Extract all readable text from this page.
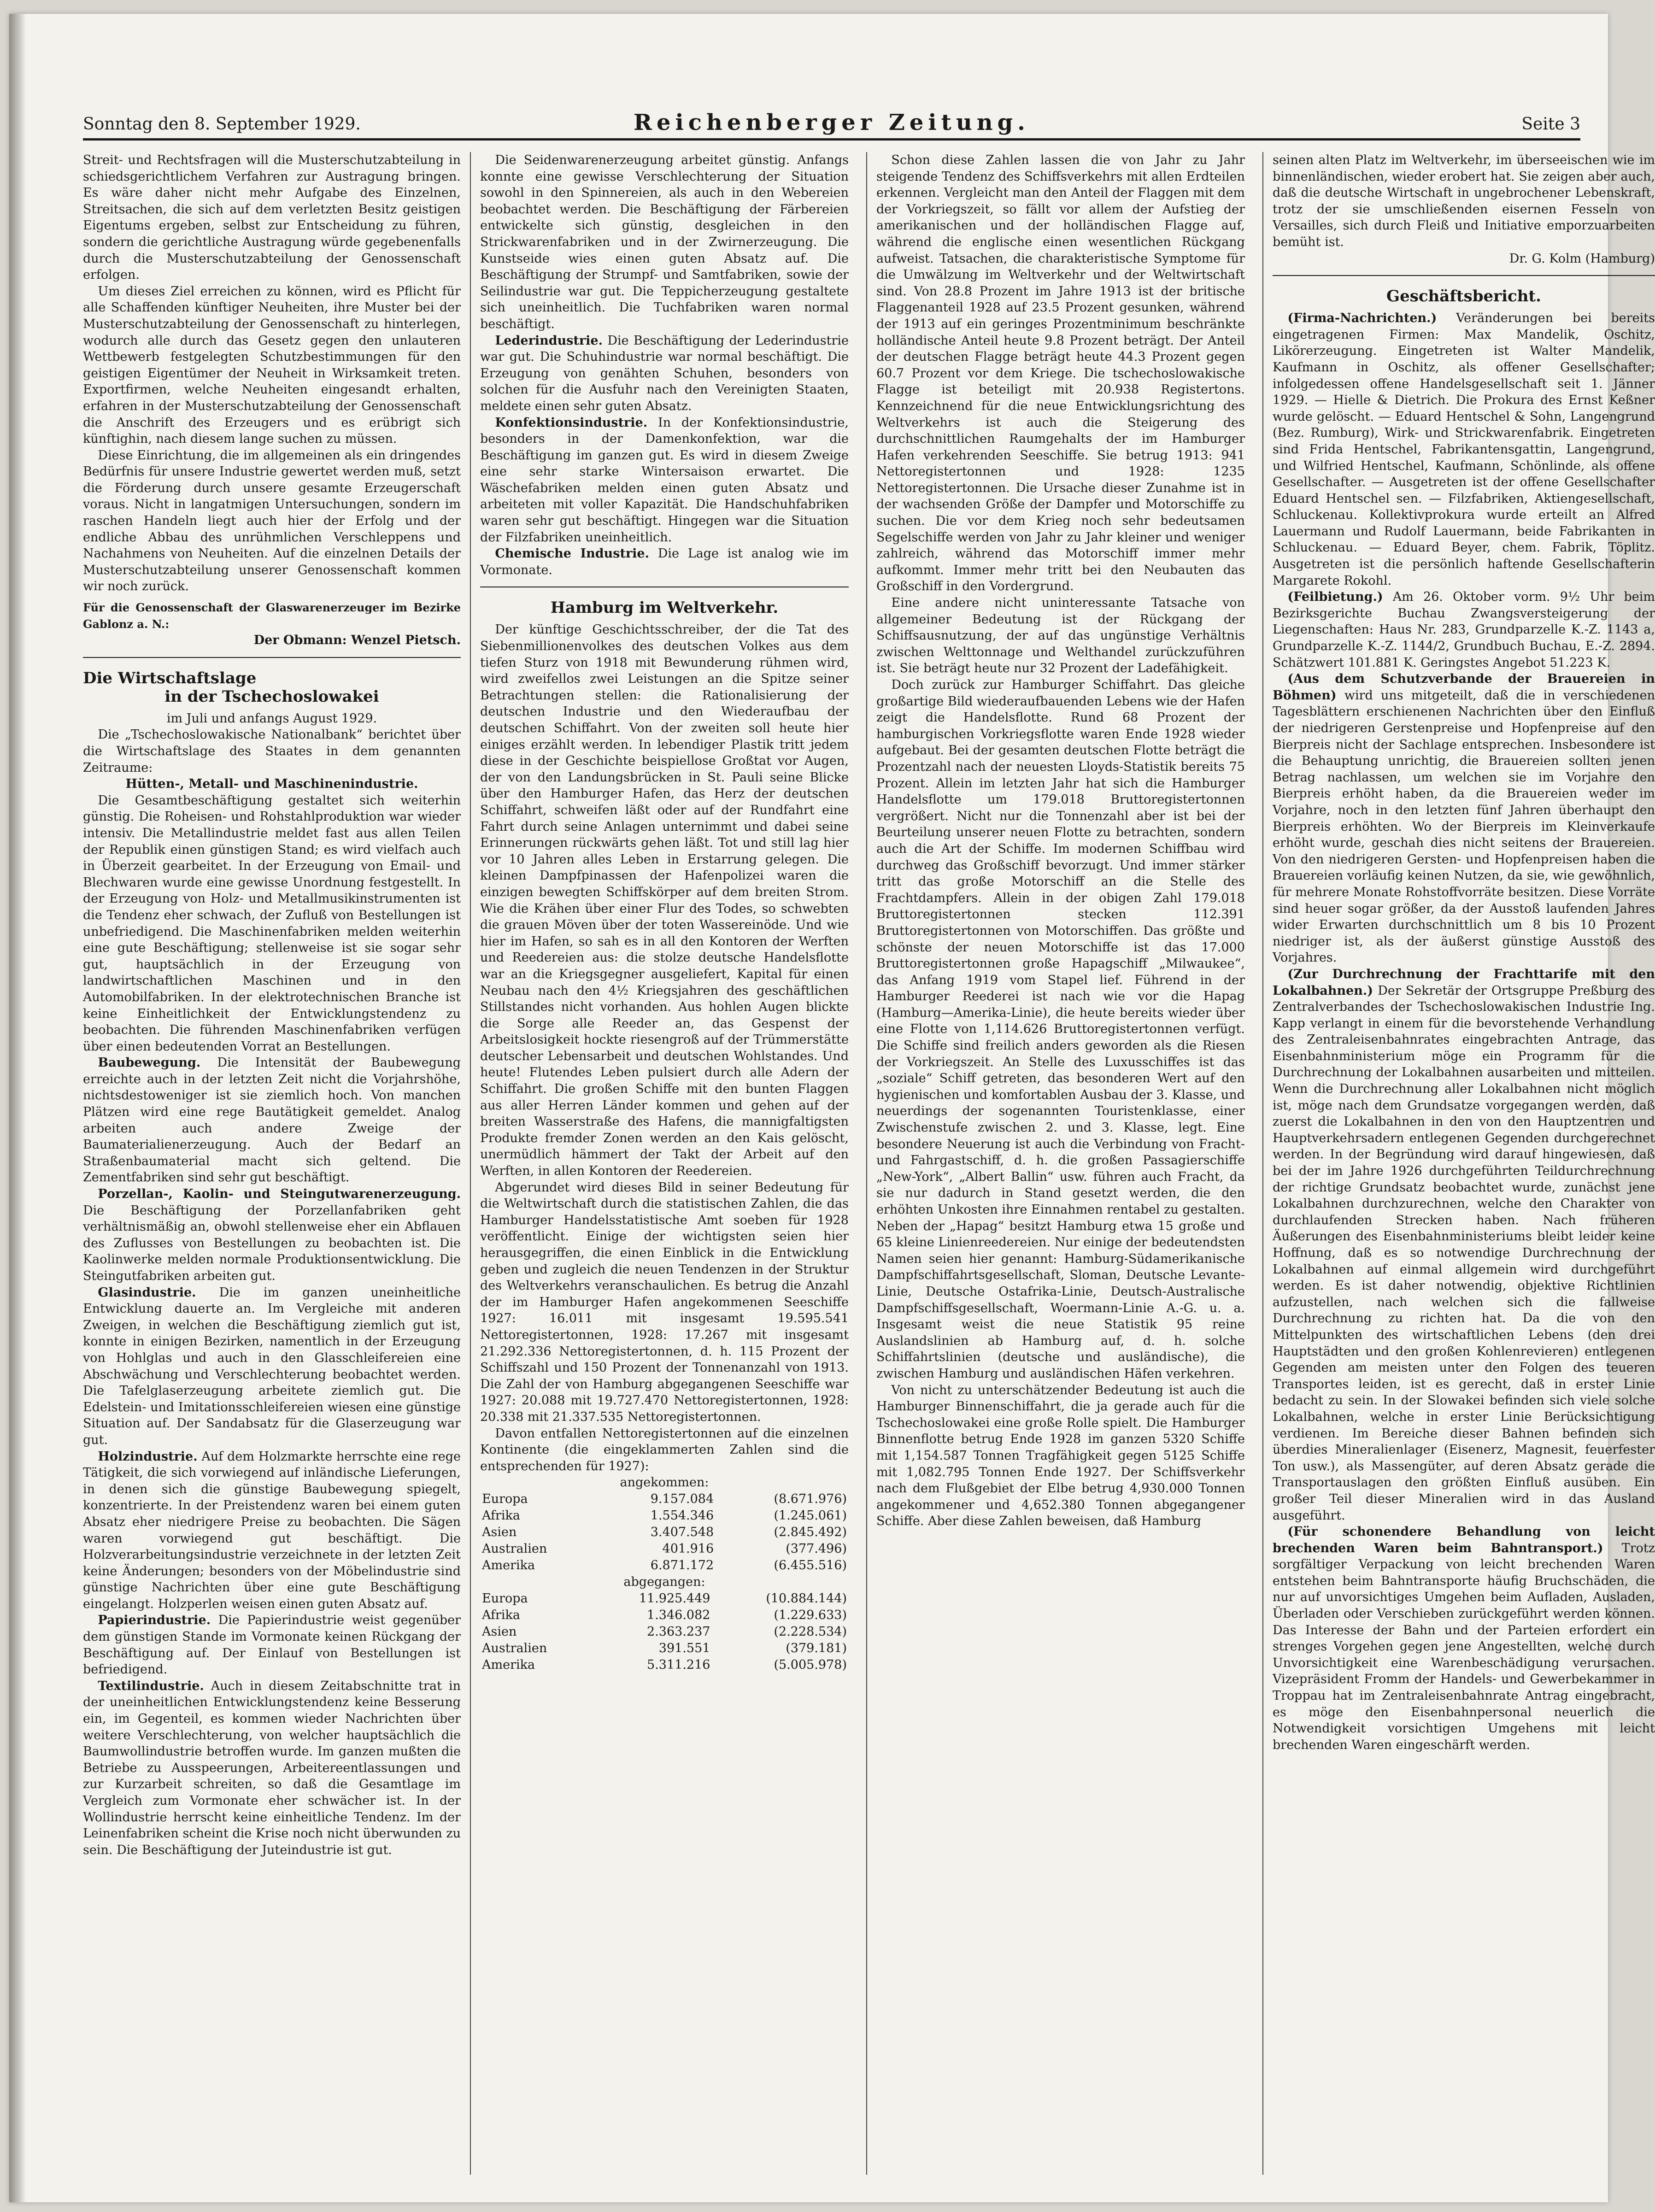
Sonntag den 8. September 1929.	Reichenberger Zeitung.	Seite 3

Streit- und Rechtsfragen will die Musterschutzabteilung in schiedsgerichtlichem Verfahren zur Austragung bringen. Es wäre daher nicht mehr Aufgabe des Einzelnen, Streitsachen, die sich auf dem verletzten Besitz geistigen Eigentums ergeben, selbst zur Entscheidung zu führen, sondern die gerichtliche Austragung würde gegebenenfalls durch die Musterschutzabteilung der Genossenschaft erfolgen.

Um dieses Ziel erreichen zu können, wird es Pflicht für alle Schaffenden künftiger Neuheiten, ihre Muster bei der Musterschutzabteilung der Genossenschaft zu hinterlegen, wodurch alle durch das Gesetz gegen den unlauteren Wettbewerb festgelegten Schutzbestimmungen für den geistigen Eigentümer der Neuheit in Wirksamkeit treten. Exportfirmen, welche Neuheiten eingesandt erhalten, erfahren in der Musterschutzabteilung der Genossenschaft die Anschrift des Erzeugers und es erübrigt sich künftighin, nach diesem lange suchen zu müssen.

Diese Einrichtung, die im allgemeinen als ein dringendes Bedürfnis für unsere Industrie gewertet werden muß, setzt die Förderung durch unsere gesamte Erzeugerschaft voraus. Nicht in langatmigen Untersuchungen, sondern im raschen Handeln liegt auch hier der Erfolg und der endliche Abbau des unrühmlichen Verschleppens und Nachahmens von Neuheiten. Auf die einzelnen Details der Musterschutzabteilung unserer Genossenschaft kommen wir noch zurück.

Für die Genossenschaft der Glaswarenerzeuger im Bezirke Gablonz a. N.:

Der Obmann: Wenzel Pietsch.

Die Wirtschaftslage
in der Tschechoslowakei

im Juli und anfangs August 1929.

Die „Tschechoslowakische Nationalbank“ berichtet über die Wirtschaftslage des Staates in dem genannten Zeitraume:

Hütten-, Metall- und Maschinenindustrie.

Die Gesamtbeschäftigung gestaltet sich weiterhin günstig. Die Roheisen- und Rohstahlproduktion war wieder intensiv. Die Metallindustrie meldet fast aus allen Teilen der Republik einen günstigen Stand; es wird vielfach auch in Überzeit gearbeitet. In der Erzeugung von Email- und Blechwaren wurde eine gewisse Unordnung festgestellt. In der Erzeugung von Holz- und Metallmusikinstrumenten ist die Tendenz eher schwach, der Zufluß von Bestellungen ist unbefriedigend. Die Maschinenfabriken melden weiterhin eine gute Beschäftigung; stellenweise ist sie sogar sehr gut, hauptsächlich in der Erzeugung von landwirtschaftlichen Maschinen und in den Automobilfabriken. In der elektrotechnischen Branche ist keine Einheitlichkeit der Entwicklungstendenz zu beobachten. Die führenden Maschinenfabriken verfügen über einen bedeutenden Vorrat an Bestellungen.

Baubewegung. Die Intensität der Baubewegung erreichte auch in der letzten Zeit nicht die Vorjahrshöhe, nichtsdestoweniger ist sie ziemlich hoch. Von manchen Plätzen wird eine rege Bautätigkeit gemeldet. Analog arbeiten auch andere Zweige der Baumaterialienerzeugung. Auch der Bedarf an Straßenbaumaterial macht sich geltend. Die Zementfabriken sind sehr gut beschäftigt.

Porzellan-, Kaolin- und Steingutwarenerzeugung. Die Beschäftigung der Porzellanfabriken geht verhältnismäßig an, obwohl stellenweise eher ein Abflauen des Zuflusses von Bestellungen zu beobachten ist. Die Kaolinwerke melden normale Produktionsentwicklung. Die Steingutfabriken arbeiten gut.

Glasindustrie. Die im ganzen uneinheitliche Entwicklung dauerte an. Im Vergleiche mit anderen Zweigen, in welchen die Beschäftigung ziemlich gut ist, konnte in einigen Bezirken, namentlich in der Erzeugung von Hohlglas und auch in den Glasschleifereien eine Abschwächung und Verschlechterung beobachtet werden. Die Tafelglaserzeugung arbeitete ziemlich gut. Die Edelstein- und Imitationsschleifereien wiesen eine günstige Situation auf. Der Sandabsatz für die Glaserzeugung war gut.

Holzindustrie. Auf dem Holzmarkte herrschte eine rege Tätigkeit, die sich vorwiegend auf inländische Lieferungen, in denen sich die günstige Baubewegung spiegelt, konzentrierte. In der Preistendenz waren bei einem guten Absatz eher niedrigere Preise zu beobachten. Die Sägen waren vorwiegend gut beschäftigt. Die Holzverarbeitungsindustrie verzeichnete in der letzten Zeit keine Änderungen; besonders von der Möbelindustrie sind günstige Nachrichten über eine gute Beschäftigung eingelangt. Holzperlen weisen einen guten Absatz auf.

Papierindustrie. Die Papierindustrie weist gegenüber dem günstigen Stande im Vormonate keinen Rückgang der Beschäftigung auf. Der Einlauf von Bestellungen ist befriedigend.

Textilindustrie. Auch in diesem Zeitabschnitte trat in der uneinheitlichen Entwicklungstendenz keine Besserung ein, im Gegenteil, es kommen wieder Nachrichten über weitere Verschlechterung, von welcher hauptsächlich die Baumwollindustrie betroffen wurde. Im ganzen mußten die Betriebe zu Ausspeerungen, Arbeitereentlassungen und zur Kurzarbeit schreiten, so daß die Gesamtlage im Vergleich zum Vormonate eher schwächer ist. In der Wollindustrie herrscht keine einheitliche Tendenz. Im der Leinenfabriken scheint die Krise noch nicht überwunden zu sein. Die Beschäftigung der Juteindustrie ist gut.

Die Seidenwarenerzeugung arbeitet günstig. Anfangs konnte eine gewisse Verschlechterung der Situation sowohl in den Spinnereien, als auch in den Webereien beobachtet werden. Die Beschäftigung der Färbereien entwickelte sich günstig, desgleichen in den Strickwarenfabriken und in der Zwirnerzeugung. Die Kunstseide wies einen guten Absatz auf. Die Beschäftigung der Strumpf- und Samtfabriken, sowie der Seilindustrie war gut. Die Teppicherzeugung gestaltete sich uneinheitlich. Die Tuchfabriken waren normal beschäftigt.

Lederindustrie. Die Beschäftigung der Lederindustrie war gut. Die Schuhindustrie war normal beschäftigt. Die Erzeugung von genähten Schuhen, besonders von solchen für die Ausfuhr nach den Vereinigten Staaten, meldete einen sehr guten Absatz.

Konfektionsindustrie. In der Konfektionsindustrie, besonders in der Damenkonfektion, war die Beschäftigung im ganzen gut. Es wird in diesem Zweige eine sehr starke Wintersaison erwartet. Die Wäschefabriken melden einen guten Absatz und arbeiteten mit voller Kapazität. Die Handschuhfabriken waren sehr gut beschäftigt. Hingegen war die Situation der Filzfabriken uneinheitlich.

Chemische Industrie. Die Lage ist analog wie im Vormonate.

Hamburg im Weltverkehr.

Der künftige Geschichtsschreiber, der die Tat des Siebenmillionenvolkes des deutschen Volkes aus dem tiefen Sturz von 1918 mit Bewunderung rühmen wird, wird zweifellos zwei Leistungen an die Spitze seiner Betrachtungen stellen: die Rationalisierung der deutschen Industrie und den Wiederaufbau der deutschen Schiffahrt. Von der zweiten soll heute hier einiges erzählt werden. In lebendiger Plastik tritt jedem diese in der Geschichte beispiellose Großtat vor Augen, der von den Landungsbrücken in St. Pauli seine Blicke über den Hamburger Hafen, das Herz der deutschen Schiffahrt, schweifen läßt oder auf der Rundfahrt eine Fahrt durch seine Anlagen unternimmt und dabei seine Erinnerungen rückwärts gehen läßt. Tot und still lag hier vor 10 Jahren alles Leben in Erstarrung gelegen. Die kleinen Dampfpinassen der Hafenpolizei waren die einzigen bewegten Schiffskörper auf dem breiten Strom. Wie die Krähen über einer Flur des Todes, so schwebten die grauen Möven über der toten Wassereinöde. Und wie hier im Hafen, so sah es in all den Kontoren der Werften und Reedereien aus: die stolze deutsche Handelsflotte war an die Kriegsgegner ausgeliefert, Kapital für einen Neubau nach den 4½ Kriegsjahren des geschäftlichen Stillstandes nicht vorhanden. Aus hohlen Augen blickte die Sorge alle Reeder an, das Gespenst der Arbeitslosigkeit hockte riesengroß auf der Trümmerstätte deutscher Lebensarbeit und deutschen Wohlstandes. Und heute! Flutendes Leben pulsiert durch alle Adern der Schiffahrt. Die großen Schiffe mit den bunten Flaggen aus aller Herren Länder kommen und gehen auf der breiten Wasserstraße des Hafens, die mannigfaltigsten Produkte fremder Zonen werden an den Kais gelöscht, unermüdlich hämmert der Takt der Arbeit auf den Werften, in allen Kontoren der Reedereien.

Abgerundet wird dieses Bild in seiner Bedeutung für die Weltwirtschaft durch die statistischen Zahlen, die das Hamburger Handelsstatistische Amt soeben für 1928 veröffentlicht. Einige der wichtigsten seien hier herausgegriffen, die einen Einblick in die Entwicklung geben und zugleich die neuen Tendenzen in der Struktur des Weltverkehrs veranschaulichen. Es betrug die Anzahl der im Hamburger Hafen angekommenen Seeschiffe 1927: 16.011 mit insgesamt 19.595.541 Nettoregistertonnen, 1928: 17.267 mit insgesamt 21.292.336 Nettoregistertonnen, d. h. 115 Prozent der Schiffszahl und 150 Prozent der Tonnenanzahl von 1913. Die Zahl der von Hamburg abgegangenen Seeschiffe war 1927: 20.088 mit 19.727.470 Nettoregistertonnen, 1928: 20.338 mit 21.337.535 Nettoregistertonnen.

Davon entfallen Nettoregistertonnen auf die einzelnen Kontinente (die eingeklammerten Zahlen sind die entsprechenden für 1927):

angekommen:

Europa	9.157.084	(8.671.976)
Afrika	1.554.346	(1.245.061)
Asien	3.407.548	(2.845.492)
Australien	401.916	(377.496)
Amerika	6.871.172	(6.455.516)

abgegangen:

Europa	11.925.449	(10.884.144)
Afrika	1.346.082	(1.229.633)
Asien	2.363.237	(2.228.534)
Australien	391.551	(379.181)
Amerika	5.311.216	(5.005.978)

Schon diese Zahlen lassen die von Jahr zu Jahr steigende Tendenz des Schiffsverkehrs mit allen Erdteilen erkennen. Vergleicht man den Anteil der Flaggen mit dem der Vorkriegszeit, so fällt vor allem der Aufstieg der amerikanischen und der holländischen Flagge auf, während die englische einen wesentlichen Rückgang aufweist. Tatsachen, die charakteristische Symptome für die Umwälzung im Weltverkehr und der Weltwirtschaft sind. Von 28.8 Prozent im Jahre 1913 ist der britische Flaggenanteil 1928 auf 23.5 Prozent gesunken, während der 1913 auf ein geringes Prozentminimum beschränkte holländische Anteil heute 9.8 Prozent beträgt. Der Anteil der deutschen Flagge beträgt heute 44.3 Prozent gegen 60.7 Prozent vor dem Kriege. Die tschechoslowakische Flagge ist beteiligt mit 20.938 Registertons. Kennzeichnend für die neue Entwicklungsrichtung des Weltverkehrs ist auch die Steigerung des durchschnittlichen Raumgehalts der im Hamburger Hafen verkehrenden Seeschiffe. Sie betrug 1913: 941 Nettoregistertonnen und 1928: 1235 Nettoregistertonnen. Die Ursache dieser Zunahme ist in der wachsenden Größe der Dampfer und Motorschiffe zu suchen. Die vor dem Krieg noch sehr bedeutsamen Segelschiffe werden von Jahr zu Jahr kleiner und weniger zahlreich, während das Motorschiff immer mehr aufkommt. Immer mehr tritt bei den Neubauten das Großschiff in den Vordergrund.

Eine andere nicht uninteressante Tatsache von allgemeiner Bedeutung ist der Rückgang der Schiffsausnutzung, der auf das ungünstige Verhältnis zwischen Welttonnage und Welthandel zurückzuführen ist. Sie beträgt heute nur 32 Prozent der Ladefähigkeit.

Doch zurück zur Hamburger Schiffahrt. Das gleiche großartige Bild wiederaufbauenden Lebens wie der Hafen zeigt die Handelsflotte. Rund 68 Prozent der hamburgischen Vorkriegsflotte waren Ende 1928 wieder aufgebaut. Bei der gesamten deutschen Flotte beträgt die Prozentzahl nach der neuesten Lloyds-Statistik bereits 75 Prozent. Allein im letzten Jahr hat sich die Hamburger Handelsflotte um 179.018 Bruttoregistertonnen vergrößert. Nicht nur die Tonnenzahl aber ist bei der Beurteilung unserer neuen Flotte zu betrachten, sondern auch die Art der Schiffe. Im modernen Schiffbau wird durchweg das Großschiff bevorzugt. Und immer stärker tritt das große Motorschiff an die Stelle des Frachtdampfers. Allein in der obigen Zahl 179.018 Bruttoregistertonnen stecken 112.391 Bruttoregistertonnen von Motorschiffen. Das größte und schönste der neuen Motorschiffe ist das 17.000 Bruttoregistertonnen große Hapagschiff „Milwaukee“, das Anfang 1919 vom Stapel lief. Führend in der Hamburger Reederei ist nach wie vor die Hapag (Hamburg—Amerika-Linie), die heute bereits wieder über eine Flotte von 1,114.626 Bruttoregistertonnen verfügt. Die Schiffe sind freilich anders geworden als die Riesen der Vorkriegszeit. An Stelle des Luxusschiffes ist das „soziale“ Schiff getreten, das besonderen Wert auf den hygienischen und komfortablen Ausbau der 3. Klasse, und neuerdings der sogenannten Touristenklasse, einer Zwischenstufe zwischen 2. und 3. Klasse, legt. Eine besondere Neuerung ist auch die Verbindung von Fracht- und Fahrgastschiff, d. h. die großen Passagierschiffe „New-York“, „Albert Ballin“ usw. führen auch Fracht, da sie nur dadurch in Stand gesetzt werden, die den erhöhten Unkosten ihre Einnahmen rentabel zu gestalten. Neben der „Hapag“ besitzt Hamburg etwa 15 große und 65 kleine Linienreedereien. Nur einige der bedeutendsten Namen seien hier genannt: Hamburg-Südamerikanische Dampfschiffahrtsgesellschaft, Sloman, Deutsche Levante-Linie, Deutsche Ostafrika-Linie, Deutsch-Australische Dampfschiffsgesellschaft, Woermann-Linie A.-G. u. a. Insgesamt weist die neue Statistik 95 reine Auslandslinien ab Hamburg auf, d. h. solche Schiffahrtslinien (deutsche und ausländische), die zwischen Hamburg und ausländischen Häfen verkehren.

Von nicht zu unterschätzender Bedeutung ist auch die Hamburger Binnenschiffahrt, die ja gerade auch für die Tschechoslowakei eine große Rolle spielt. Die Hamburger Binnenflotte betrug Ende 1928 im ganzen 5320 Schiffe mit 1,154.587 Tonnen Tragfähigkeit gegen 5125 Schiffe mit 1,082.795 Tonnen Ende 1927. Der Schiffsverkehr nach dem Flußgebiet der Elbe betrug 4,930.000 Tonnen angekommener und 4,652.380 Tonnen abgegangener Schiffe. Aber diese Zahlen beweisen, daß Hamburg

seinen alten Platz im Weltverkehr, im überseeischen wie im binnenländischen, wieder erobert hat. Sie zeigen aber auch, daß die deutsche Wirtschaft in ungebrochener Lebenskraft, trotz der sie umschließenden eisernen Fesseln von Versailles, sich durch Fleiß und Initiative emporzuarbeiten bemüht ist.

Dr. G. Kolm (Hamburg)

Geschäftsbericht.

(Firma-Nachrichten.) Veränderungen bei bereits eingetragenen Firmen: Max Mandelik, Oschitz, Likörerzeugung. Eingetreten ist Walter Mandelik, Kaufmann in Oschitz, als offener Gesellschafter; infolgedessen offene Handelsgesellschaft seit 1. Jänner 1929. — Hielle & Dietrich. Die Prokura des Ernst Keßner wurde gelöscht. — Eduard Hentschel & Sohn, Langengrund (Bez. Rumburg), Wirk- und Strickwarenfabrik. Eingetreten sind Frida Hentschel, Fabrikantensgattin, Langengrund, und Wilfried Hentschel, Kaufmann, Schönlinde, als offene Gesellschafter. — Ausgetreten ist der offene Gesellschafter Eduard Hentschel sen. — Filzfabriken, Aktiengesellschaft, Schluckenau. Kollektivprokura wurde erteilt an Alfred Lauermann und Rudolf Lauermann, beide Fabrikanten in Schluckenau. — Eduard Beyer, chem. Fabrik, Töplitz. Ausgetreten ist die persönlich haftende Gesellschafterin Margarete Rokohl.

(Feilbietung.) Am 26. Oktober vorm. 9½ Uhr beim Bezirksgerichte Buchau Zwangsversteigerung der Liegenschaften: Haus Nr. 283, Grundparzelle K.-Z. 1143 a, Grundparzelle K.-Z. 1144/2, Grundbuch Buchau, E.-Z. 2894. Schätzwert 101.881 K. Geringstes Angebot 51.223 K.

(Aus dem Schutzverbande der Brauereien in Böhmen) wird uns mitgeteilt, daß die in verschiedenen Tagesblättern erschienenen Nachrichten über den Einfluß der niedrigeren Gerstenpreise und Hopfenpreise auf den Bierpreis nicht der Sachlage entsprechen. Insbesondere ist die Behauptung unrichtig, die Brauereien sollten jenen Betrag nachlassen, um welchen sie im Vorjahre den Bierpreis erhöht haben, da die Brauereien weder im Vorjahre, noch in den letzten fünf Jahren überhaupt den Bierpreis erhöhten. Wo der Bierpreis im Kleinverkaufe erhöht wurde, geschah dies nicht seitens der Brauereien. Von den niedrigeren Gersten- und Hopfenpreisen haben die Brauereien vorläufig keinen Nutzen, da sie, wie gewöhnlich, für mehrere Monate Rohstoffvorräte besitzen. Diese Vorräte sind heuer sogar größer, da der Ausstoß laufenden Jahres wider Erwarten durchschnittlich um 8 bis 10 Prozent niedriger ist, als der äußerst günstige Ausstoß des Vorjahres.

(Zur Durchrechnung der Frachttarife mit den Lokalbahnen.) Der Sekretär der Ortsgruppe Preßburg des Zentralverbandes der Tschechoslowakischen Industrie Ing. Kapp verlangt in einem für die bevorstehende Verhandlung des Zentraleisenbahnrates eingebrachten Antrage, das Eisenbahnministerium möge ein Programm für die Durchrechnung der Lokalbahnen ausarbeiten und mitteilen. Wenn die Durchrechnung aller Lokalbahnen nicht möglich ist, möge nach dem Grundsatze vorgegangen werden, daß zuerst die Lokalbahnen in den von den Hauptzentren und Hauptverkehrsadern entlegenen Gegenden durchgerechnet werden. In der Begründung wird darauf hingewiesen, daß bei der im Jahre 1926 durchgeführten Teildurchrechnung der richtige Grundsatz beobachtet wurde, zunächst jene Lokalbahnen durchzurechnen, welche den Charakter von durchlaufenden Strecken haben. Nach früheren Äußerungen des Eisenbahnministeriums bleibt leider keine Hoffnung, daß es so notwendige Durchrechnung der Lokalbahnen auf einmal allgemein wird durchgeführt werden. Es ist daher notwendig, objektive Richtlinien aufzustellen, nach welchen sich die fallweise Durchrechnung zu richten hat. Da die von den Mittelpunkten des wirtschaftlichen Lebens (den drei Hauptstädten und den großen Kohlenrevieren) entlegenen Gegenden am meisten unter den Folgen des teueren Transportes leiden, ist es gerecht, daß in erster Linie bedacht zu sein. In der Slowakei befinden sich viele solche Lokalbahnen, welche in erster Linie Berücksichtigung verdienen. Im Bereiche dieser Bahnen befinden sich überdies Mineralienlager (Eisenerz, Magnesit, feuerfester Ton usw.), als Massengüter, auf deren Absatz gerade die Transportauslagen den größten Einfluß ausüben. Ein großer Teil dieser Mineralien wird in das Ausland ausgeführt.

(Für schonendere Behandlung von leicht brechenden Waren beim Bahntransport.) Trotz sorgfältiger Verpackung von leicht brechenden Waren entstehen beim Bahntransporte häufig Bruchschäden, die nur auf unvorsichtiges Umgehen beim Aufladen, Ausladen, Überladen oder Verschieben zurückgeführt werden können. Das Interesse der Bahn und der Parteien erfordert ein strenges Vorgehen gegen jene Angestellten, welche durch Unvorsichtigkeit eine Warenbeschädigung verursachen. Vizepräsident Fromm der Handels- und Gewerbekammer in Troppau hat im Zentraleisenbahnrate Antrag eingebracht, es möge den Eisenbahnpersonal neuerlich die Notwendigkeit vorsichtigen Umgehens mit leicht brechenden Waren eingeschärft werden.
